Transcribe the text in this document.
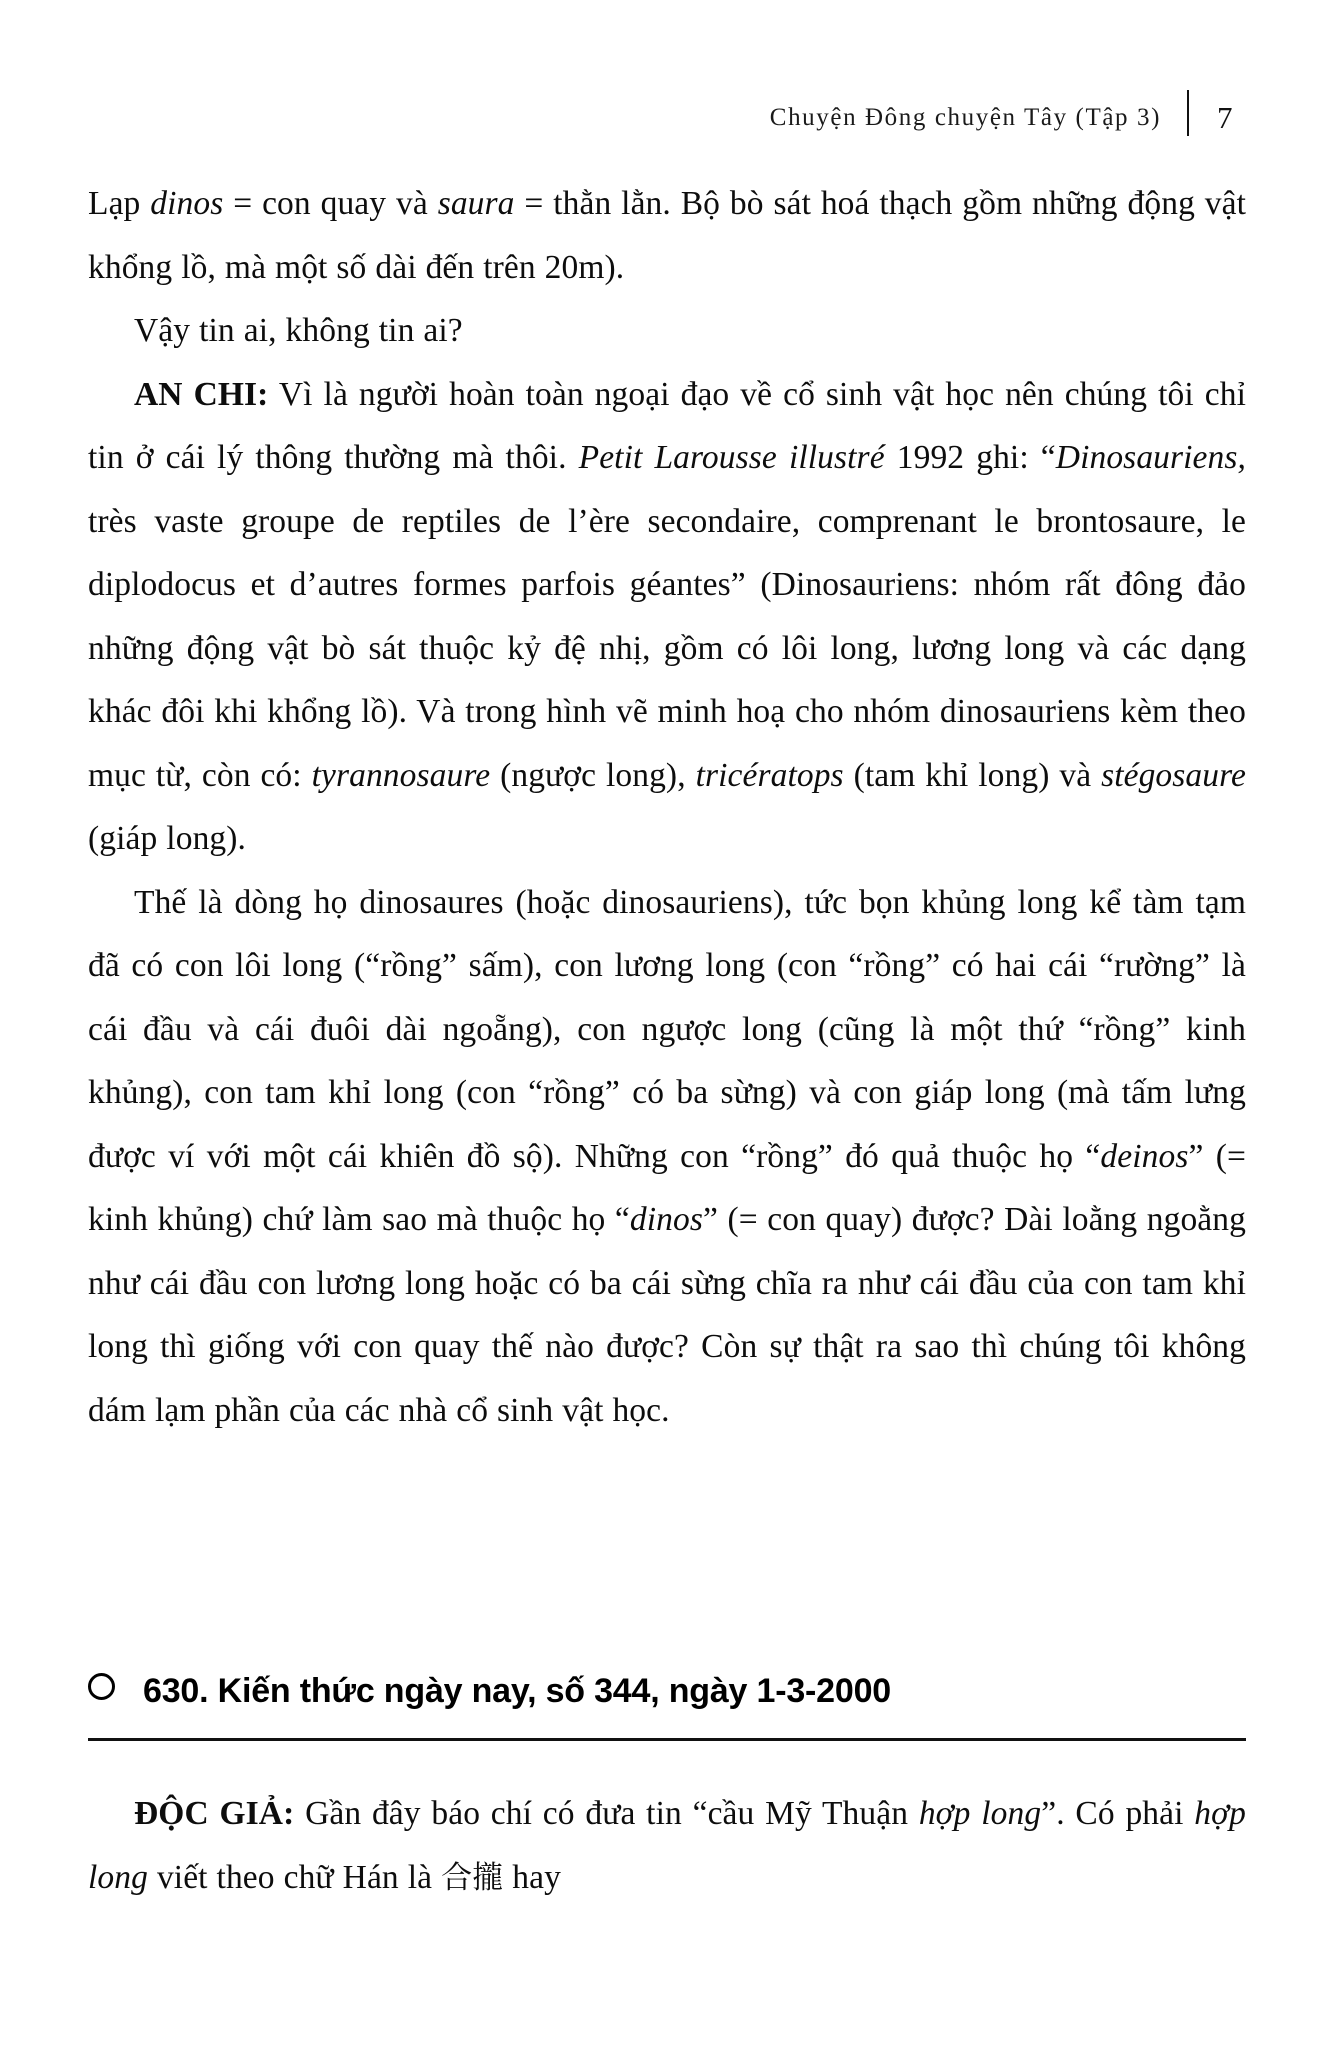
Chuyện Đông chuyện Tây (Tập 3) 7

Lạp dinos = con quay và saura = thằn lằn. Bộ bò sát hoá thạch gồm những động vật khổng lồ, mà một số dài đến trên 20m).

Vậy tin ai, không tin ai?

AN CHI: Vì là người hoàn toàn ngoại đạo về cổ sinh vật học nên chúng tôi chỉ tin ở cái lý thông thường mà thôi. Petit Larousse illustré 1992 ghi: “Dinosauriens, très vaste groupe de reptiles de l’ère secondaire, comprenant le brontosaure, le diplodocus et d’autres formes parfois géantes” (Dinosauriens: nhóm rất đông đảo những động vật bò sát thuộc kỷ đệ nhị, gồm có lôi long, lương long và các dạng khác đôi khi khổng lồ). Và trong hình vẽ minh hoạ cho nhóm dinosauriens kèm theo mục từ, còn có: tyrannosaure (ngược long), tricératops (tam khỉ long) và stégosaure (giáp long).

Thế là dòng họ dinosaures (hoặc dinosauriens), tức bọn khủng long kể tàm tạm đã có con lôi long (“rồng” sấm), con lương long (con “rồng” có hai cái “rường” là cái đầu và cái đuôi dài ngoẵng), con ngược long (cũng là một thứ “rồng” kinh khủng), con tam khỉ long (con “rồng” có ba sừng) và con giáp long (mà tấm lưng được ví với một cái khiên đồ sộ). Những con “rồng” đó quả thuộc họ “deinos” (= kinh khủng) chứ làm sao mà thuộc họ “dinos” (= con quay) được? Dài loằng ngoằng như cái đầu con lương long hoặc có ba cái sừng chĩa ra như cái đầu của con tam khỉ long thì giống với con quay thế nào được? Còn sự thật ra sao thì chúng tôi không dám lạm phần của các nhà cổ sinh vật học.

630. Kiến thức ngày nay, số 344, ngày 1-3-2000

ĐỘC GIẢ: Gần đây báo chí có đưa tin “cầu Mỹ Thuận hợp long”. Có phải hợp long viết theo chữ Hán là 合攏 hay
